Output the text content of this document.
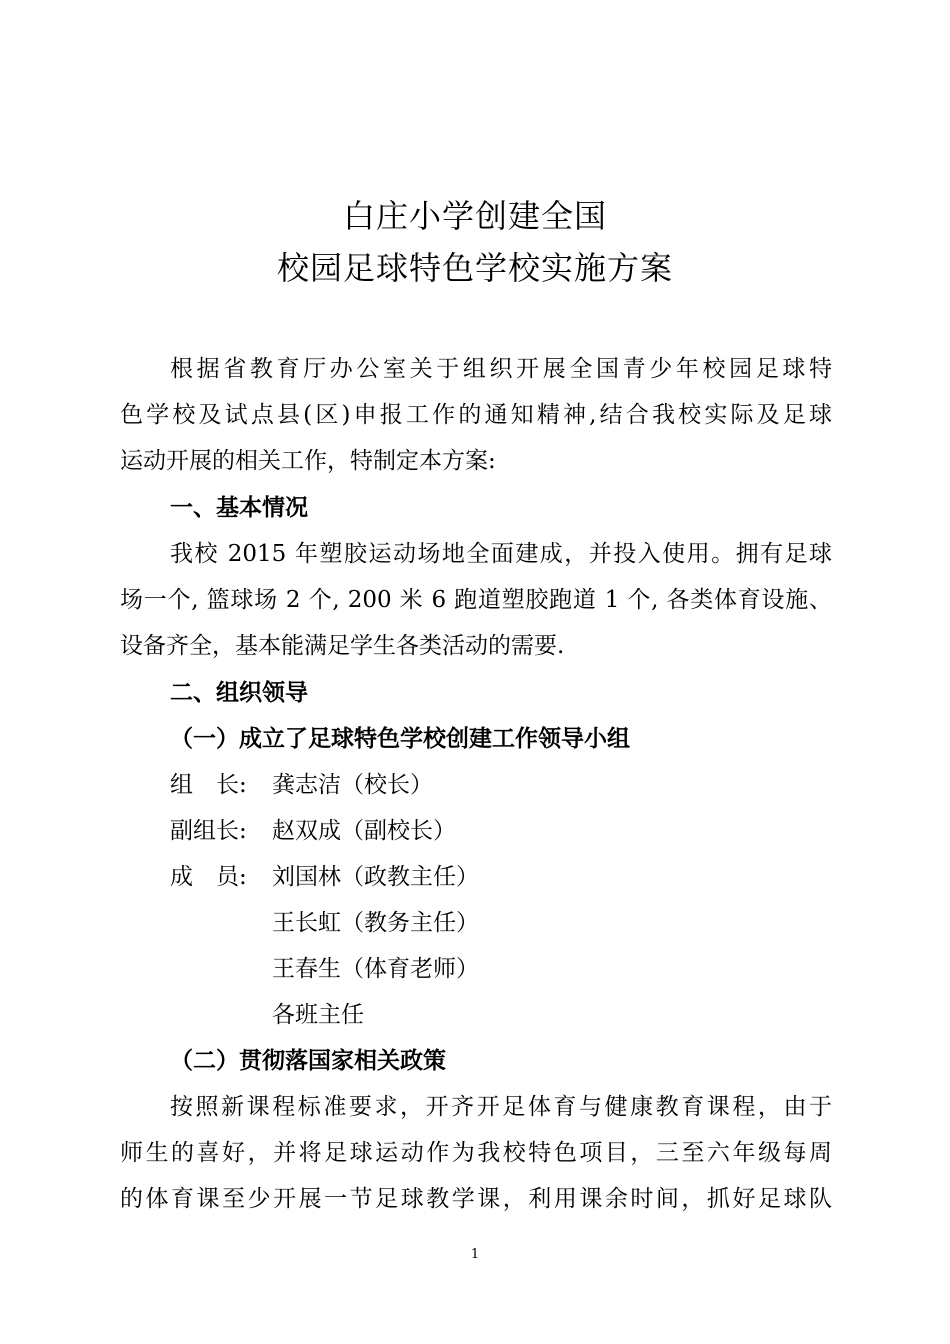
白庄小学创建全国
校园足球特色学校实施方案
根据省教育厅办公室关于组织开展全国青少年校园足球特
色学校及试点县(区)申报工作的通知精神,结合我校实际及足球
运动开展的相关工作，特制定本方案:
一、基本情况
我校 2015 年塑胶运动场地全面建成，并投入使用。拥有足球
场一个, 篮球场 2 个, 200 米 6 跑道塑胶跑道 1 个, 各类体育设施、
设备齐全，基本能满足学生各类活动的需要.
二、组织领导
（一）成立了足球特色学校创建工作领导小组
组　长: 龚志洁（校长）
副组长: 赵双成（副校长）
成　员: 刘国林（政教主任）
王长虹（教务主任）
王春生（体育老师）
各班主任
（二）贯彻落国家相关政策
按照新课程标准要求，开齐开足体育与健康教育课程，由于
师生的喜好，并将足球运动作为我校特色项目，三至六年级每周
的体育课至少开展一节足球教学课，利用课余时间，抓好足球队
1
